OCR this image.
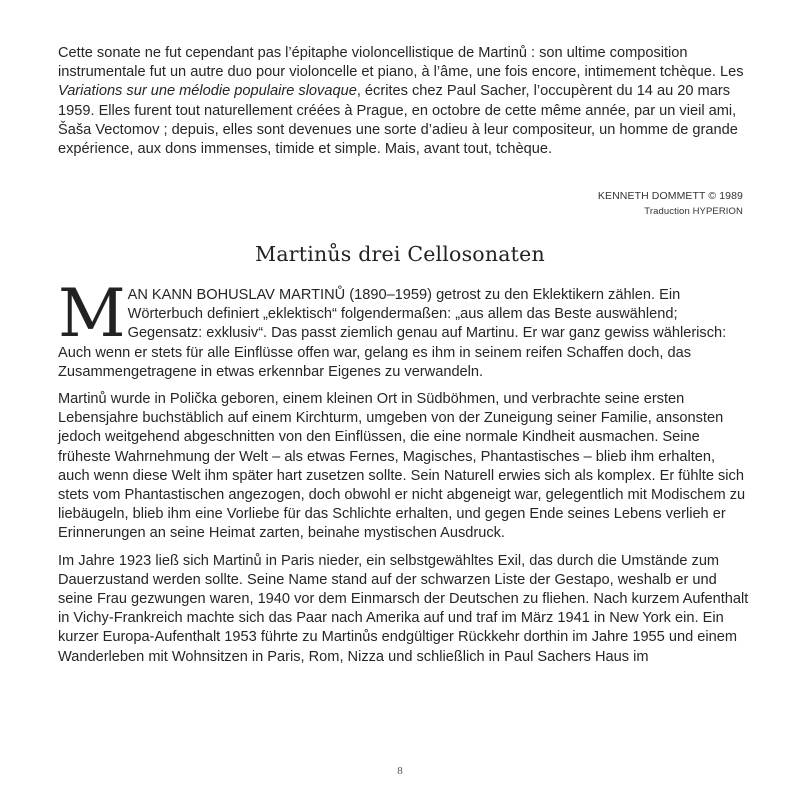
Cette sonate ne fut cependant pas l’épitaphe violoncellistique de Martinů : son ultime composition instrumentale fut un autre duo pour violoncelle et piano, à l’âme, une fois encore, intimement tchèque. Les Variations sur une mélodie populaire slovaque, écrites chez Paul Sacher, l’occupèrent du 14 au 20 mars 1959. Elles furent tout naturellement créées à Prague, en octobre de cette même année, par un vieil ami, Šaša Vectomov ; depuis, elles sont devenues une sorte d’adieu à leur compositeur, un homme de grande expérience, aux dons immenses, timide et simple. Mais, avant tout, tchèque.

KENNETH DOMMETT © 1989
Traduction HYPERION
Martinůs drei Cellosonaten

MAN KANN BOHUSLAV MARTINŮ (1890–1959) getrost zu den Eklektikern zählen. Ein Wörterbuch definiert „eklektisch“ folgendermaßen: „aus allem das Beste auswählend; Gegensatz: exklusiv“. Das passt ziemlich genau auf Martinu. Er war ganz gewiss wählerisch: Auch wenn er stets für alle Einflüsse offen war, gelang es ihm in seinem reifen Schaffen doch, das Zusammengetragene in etwas erkennbar Eigenes zu verwandeln.

Martinů wurde in Polička geboren, einem kleinen Ort in Südböhmen, und verbrachte seine ersten Lebensjahre buchstäblich auf einem Kirchturm, umgeben von der Zuneigung seiner Familie, ansonsten jedoch weitgehend abgeschnitten von den Einflüssen, die eine normale Kindheit ausmachen. Seine früheste Wahrnehmung der Welt – als etwas Fernes, Magisches, Phantastisches – blieb ihm erhalten, auch wenn diese Welt ihm später hart zusetzen sollte. Sein Naturell erwies sich als komplex. Er fühlte sich stets vom Phantastischen angezogen, doch obwohl er nicht abgeneigt war, gelegentlich mit Modischem zu liebäugeln, blieb ihm eine Vorliebe für das Schlichte erhalten, und gegen Ende seines Lebens verlieh er Erinnerungen an seine Heimat zarten, beinahe mystischen Ausdruck.

Im Jahre 1923 ließ sich Martinů in Paris nieder, ein selbstgewähltes Exil, das durch die Umstände zum Dauerzustand werden sollte. Seine Name stand auf der schwarzen Liste der Gestapo, weshalb er und seine Frau gezwungen waren, 1940 vor dem Einmarsch der Deutschen zu fliehen. Nach kurzem Aufenthalt in Vichy-Frankreich machte sich das Paar nach Amerika auf und traf im März 1941 in New York ein. Ein kurzer Europa-Aufenthalt 1953 führte zu Martinůs endgültiger Rückkehr dorthin im Jahre 1955 und einem Wanderleben mit Wohnsitzen in Paris, Rom, Nizza und schließlich in Paul Sachers Haus im

8
